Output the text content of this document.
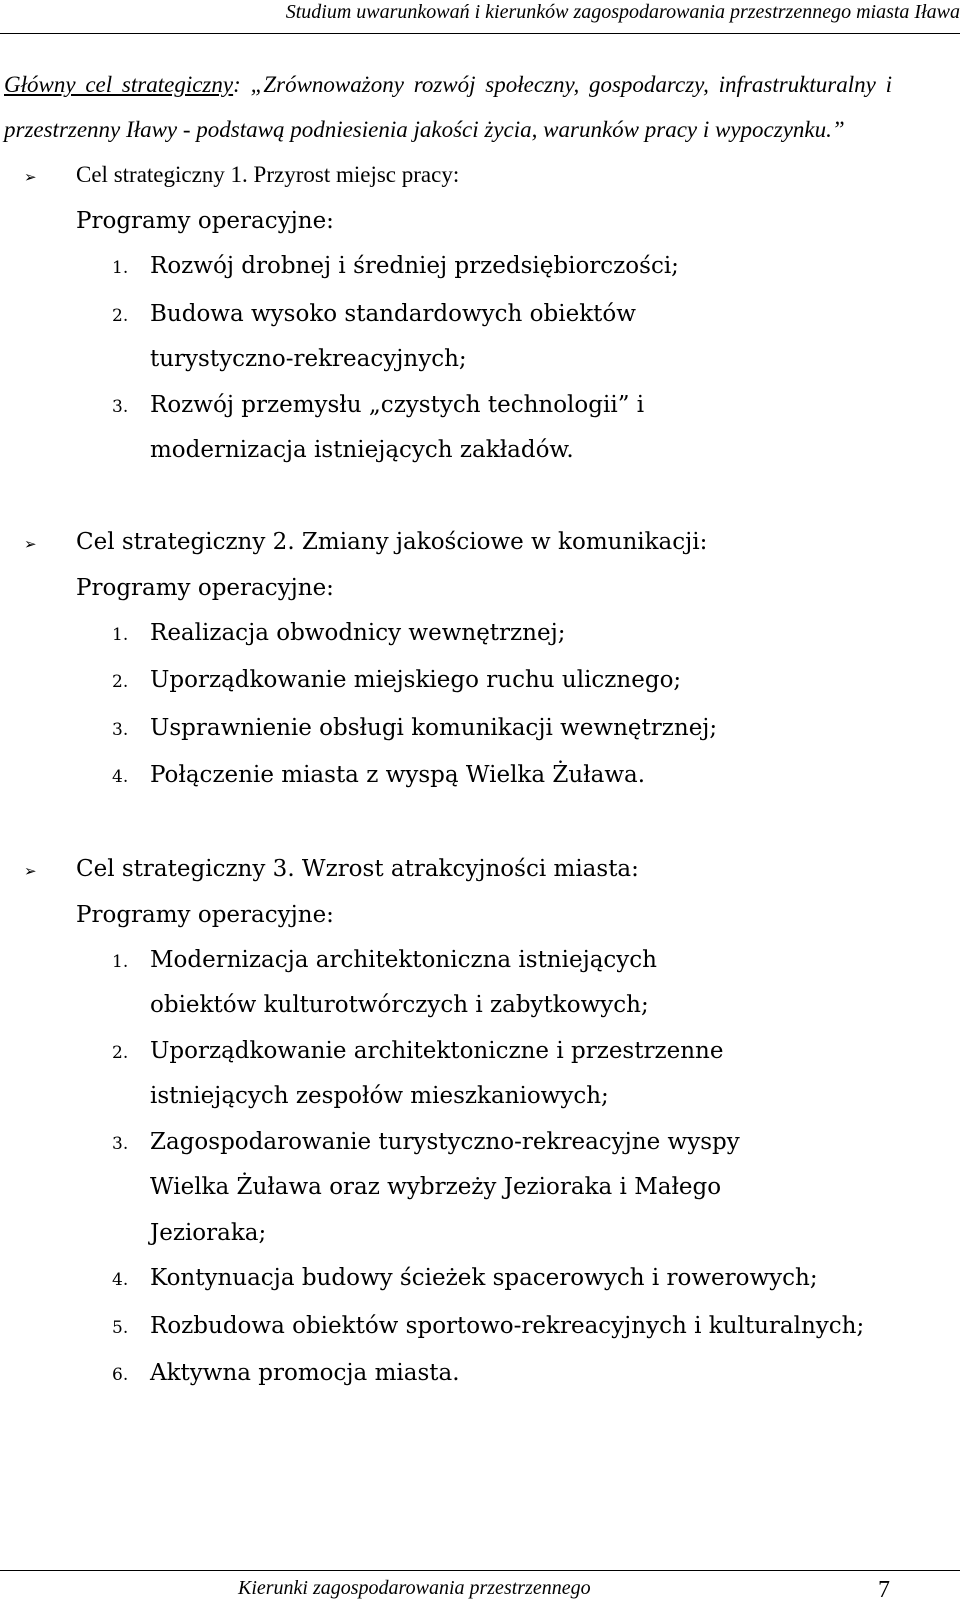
Studium uwarunkowań i kierunków zagospodarowania przestrzennego miasta Iława

Główny cel strategiczny: „Zrównoważony rozwój społeczny, gospodarczy, infrastrukturalny i przestrzenny Iławy - podstawą podniesienia jakości życia, warunków pracy i wypoczynku.”

➢	Cel strategiczny 1. Przyrost miejsc pracy:
Programy operacyjne:
1. Rozwój drobnej i średniej przedsiębiorczości;
2. Budowa wysoko standardowych obiektów turystyczno-rekreacyjnych;
3. Rozwój przemysłu „czystych technologii” i modernizacja istniejących zakładów.
➢	Cel strategiczny 2. Zmiany jakościowe w komunikacji:
Programy operacyjne:
1. Realizacja obwodnicy wewnętrznej;
2. Uporządkowanie miejskiego ruchu ulicznego;
3. Usprawnienie obsługi komunikacji wewnętrznej;
4. Połączenie miasta z wyspą Wielka Żuława.
➢	Cel strategiczny 3. Wzrost atrakcyjności miasta:
Programy operacyjne:
1. Modernizacja architektoniczna istniejących obiektów kulturotwórczych i zabytkowych;
2. Uporządkowanie architektoniczne i przestrzenne istniejących zespołów mieszkaniowych;
3. Zagospodarowanie turystyczno-rekreacyjne wyspy Wielka Żuława oraz wybrzeży Jezioraka i Małego Jezioraka;
4. Kontynuacja budowy ścieżek spacerowych i rowerowych;
5. Rozbudowa obiektów sportowo-rekreacyjnych i kulturalnych;
6. Aktywna promocja miasta.
Kierunki zagospodarowania przestrzennego	7
